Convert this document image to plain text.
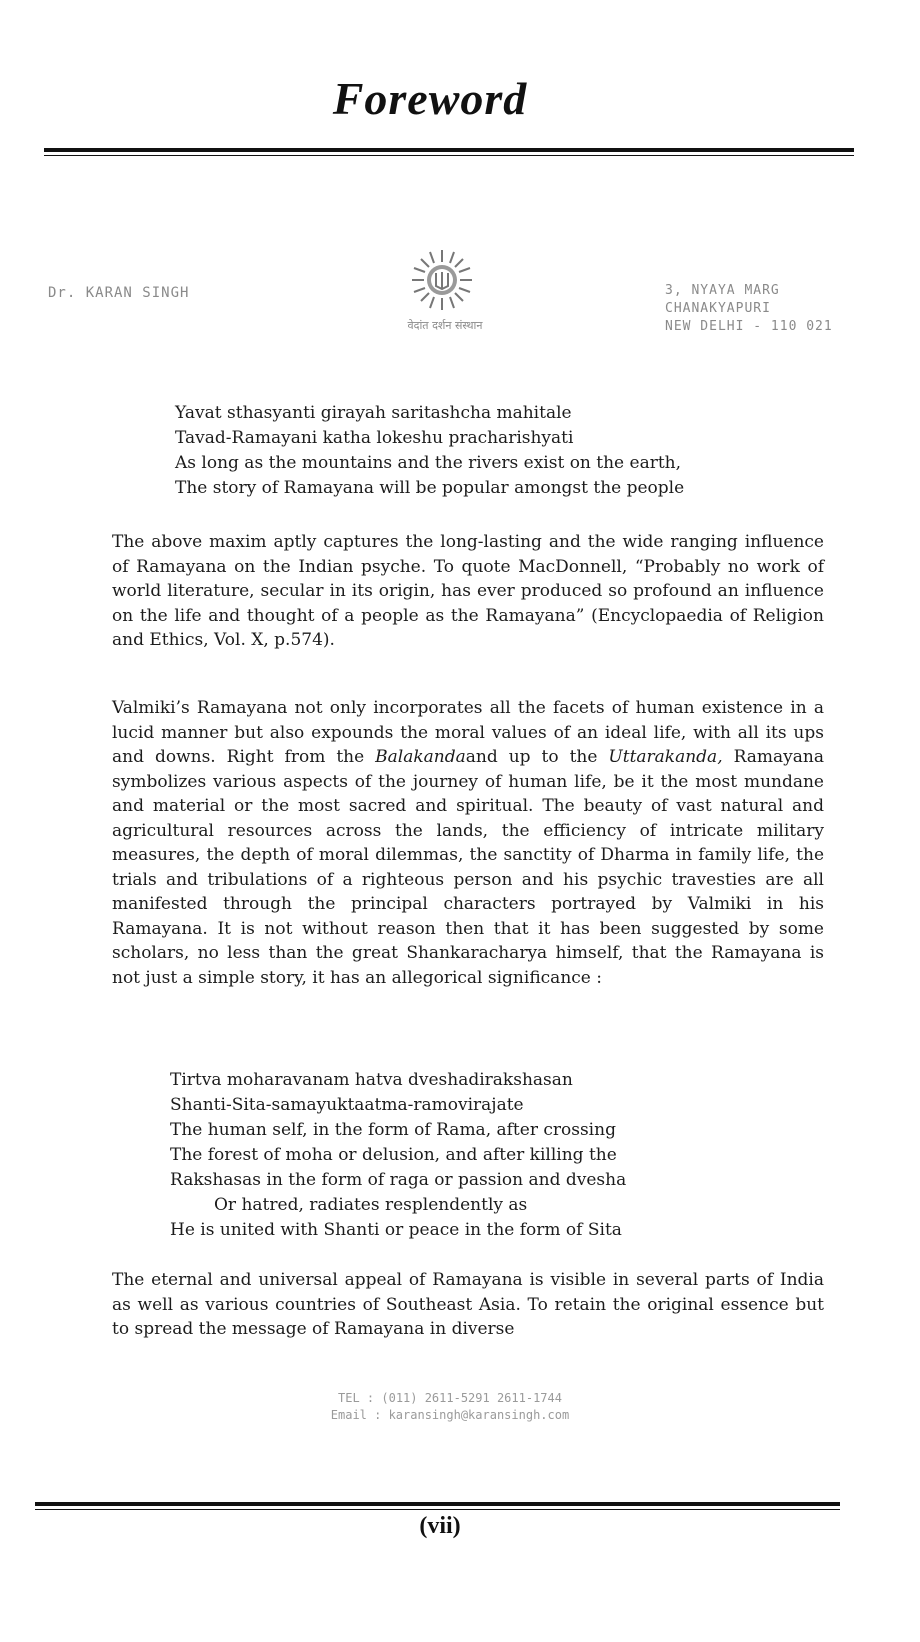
Foreword
Dr. KARAN SINGH
वेदांत दर्शन संस्थान
3, NYAYA MARG
CHANAKYAPURI
NEW DELHI - 110 021
Yavat sthasyanti girayah saritashcha mahitale
Tavad-Ramayani katha lokeshu pracharishyati
As long as the mountains and the rivers exist on the earth,
The story of Ramayana will be popular amongst the people
The above maxim aptly captures the long-lasting and the wide ranging influence of Ramayana on the Indian psyche. To quote MacDonnell, “Probably no work of world literature, secular in its origin, has ever produced so profound an influence on the life and thought of a people as the Ramayana” (Encyclopaedia of Religion and Ethics, Vol. X, p.574).
Valmiki’s Ramayana not only incorporates all the facets of human existence in a lucid manner but also expounds the moral values of an ideal life, with all its ups and downs. Right from the Balakandaand up to the Uttarakanda, Ramayana symbolizes various aspects of the journey of human life, be it the most mundane and material or the most sacred and spiritual. The beauty of vast natural and agricultural resources across the lands, the efficiency of intricate military measures, the depth of moral dilemmas, the sanctity of Dharma in family life, the trials and tribulations of a righteous person and his psychic travesties are all manifested through the principal characters portrayed by Valmiki in his Ramayana. It is not without reason then that it has been suggested by some scholars, no less than the great Shankaracharya himself, that the Ramayana is not just a simple story, it has an allegorical significance :
Tirtva moharavanam hatva dveshadirakshasan
Shanti-Sita-samayuktaatma-ramovirajate
The human self, in the form of Rama, after crossing
The forest of moha or delusion, and after killing the
Rakshasas in the form of raga or passion and dvesha
Or hatred, radiates resplendently as
He is united with Shanti or peace in the form of Sita
The eternal and universal appeal of Ramayana is visible in several parts of India as well as various countries of Southeast Asia. To retain the original essence but to spread the message of Ramayana in diverse
TEL : (011) 2611-5291 2611-1744
Email : karansingh@karansingh.com
(vii)
